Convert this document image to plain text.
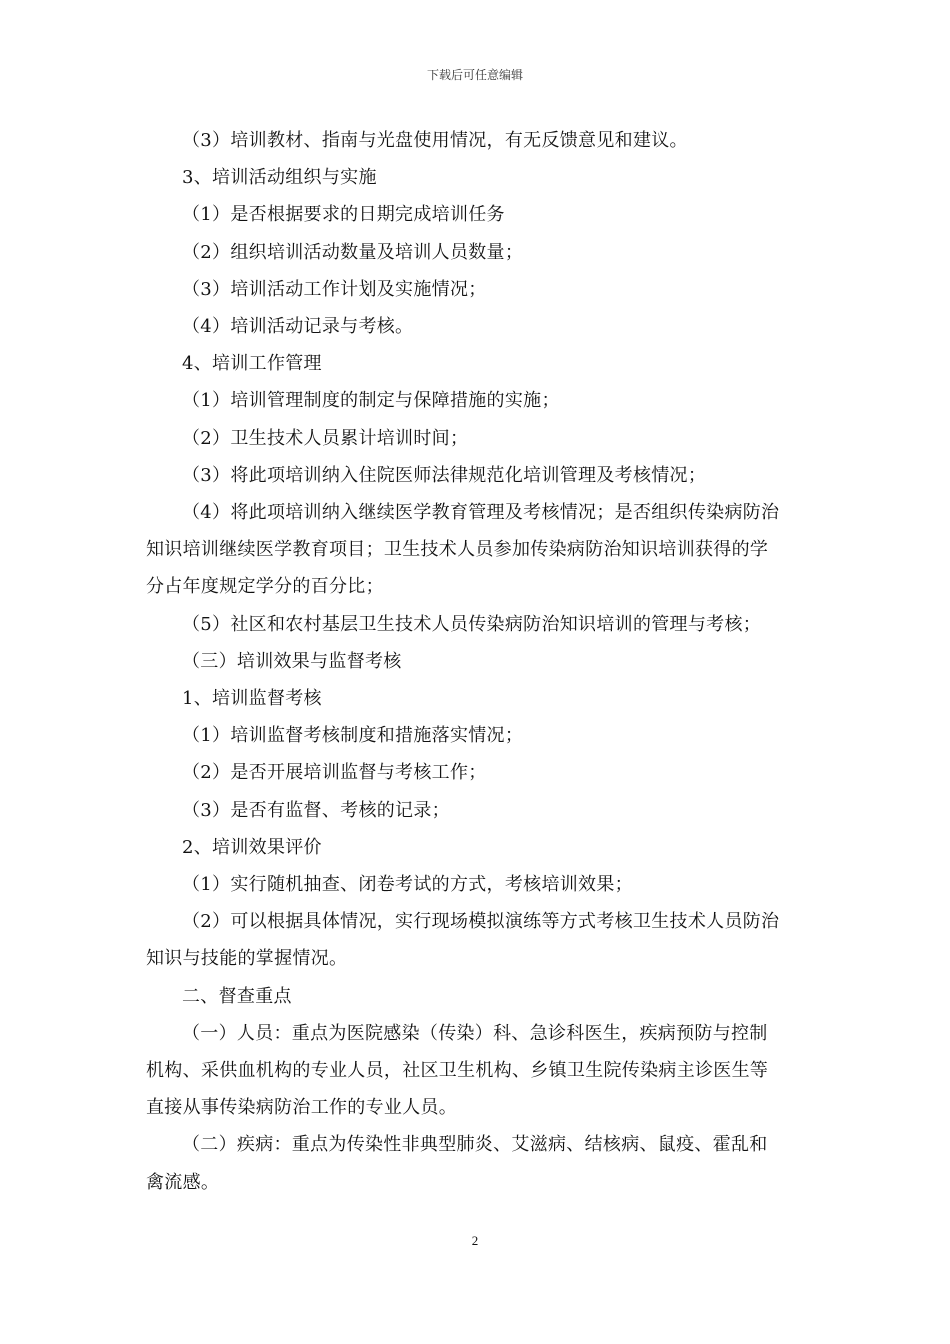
下载后可任意编辑

（3）培训教材、指南与光盘使用情况，有无反馈意见和建议。

3、培训活动组织与实施

（1）是否根据要求的日期完成培训任务

（2）组织培训活动数量及培训人员数量；

（3）培训活动工作计划及实施情况；

（4）培训活动记录与考核。

4、培训工作管理

（1）培训管理制度的制定与保障措施的实施；

（2）卫生技术人员累计培训时间；

（3）将此项培训纳入住院医师法律规范化培训管理及考核情况；

（4）将此项培训纳入继续医学教育管理及考核情况；是否组织传染病防治

知识培训继续医学教育项目；卫生技术人员参加传染病防治知识培训获得的学

分占年度规定学分的百分比；

（5）社区和农村基层卫生技术人员传染病防治知识培训的管理与考核；

（三）培训效果与监督考核

1、培训监督考核

（1）培训监督考核制度和措施落实情况；

（2）是否开展培训监督与考核工作；

（3）是否有监督、考核的记录；

2、培训效果评价

（1）实行随机抽查、闭卷考试的方式，考核培训效果；

（2）可以根据具体情况，实行现场模拟演练等方式考核卫生技术人员防治

知识与技能的掌握情况。

二、督查重点

（一）人员：重点为医院感染（传染）科、急诊科医生，疾病预防与控制

机构、采供血机构的专业人员，社区卫生机构、乡镇卫生院传染病主诊医生等

直接从事传染病防治工作的专业人员。

（二）疾病：重点为传染性非典型肺炎、艾滋病、结核病、鼠疫、霍乱和

禽流感。

2
